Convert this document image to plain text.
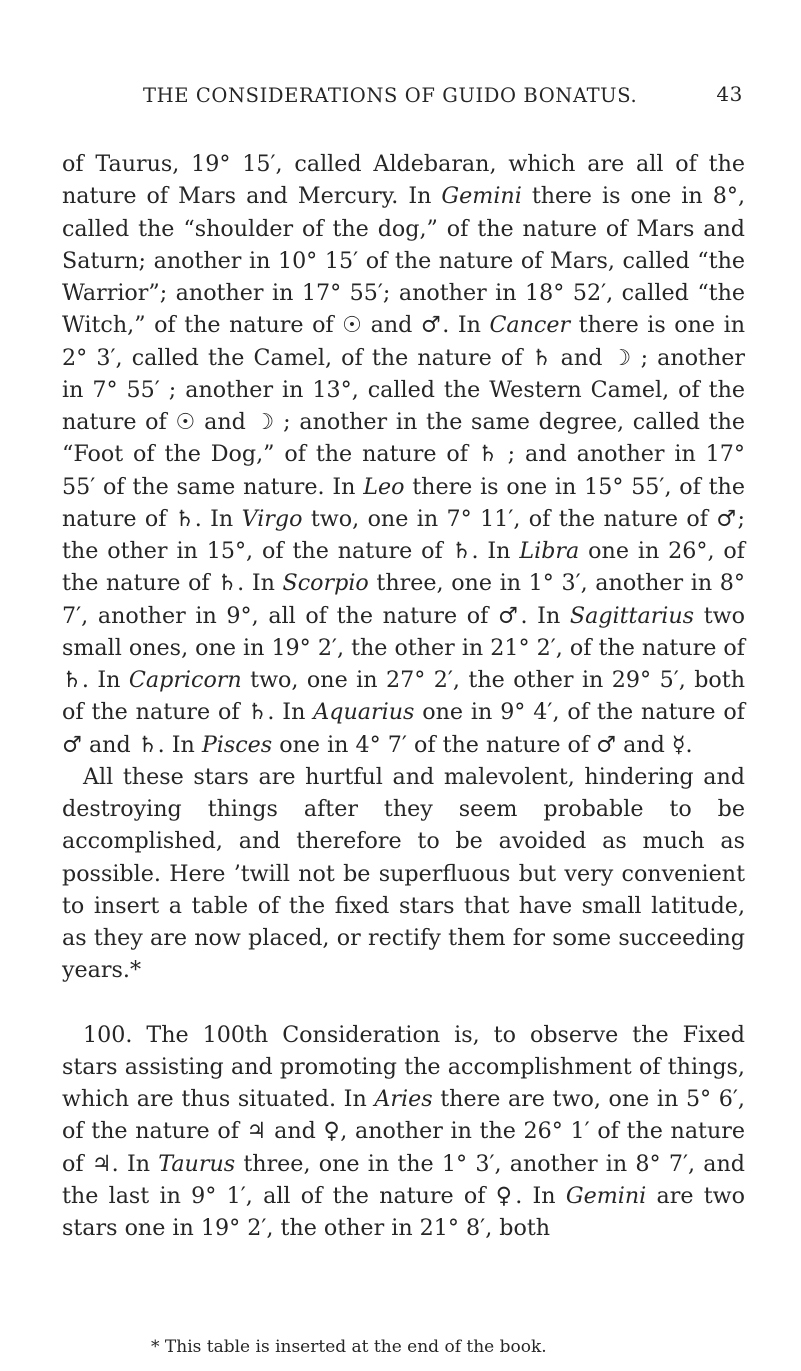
THE CONSIDERATIONS OF GUIDO BONATUS.	43

of Taurus, 19° 15′, called Aldebaran, which are all of the nature of Mars and Mercury. In Gemini there is one in 8°, called the “shoulder of the dog,” of the nature of Mars and Saturn; another in 10° 15′ of the nature of Mars, called “the Warrior”; another in 17° 55′; another in 18° 52′, called “the Witch,” of the nature of ☉ and ♂. In Cancer there is one in 2° 3′, called the Camel, of the nature of ♄ and ☽ ; another in 7° 55′ ; another in 13°, called the Western Camel, of the nature of ☉ and ☽ ; another in the same degree, called the “Foot of the Dog,” of the nature of ♄ ; and another in 17° 55′ of the same nature. In Leo there is one in 15° 55′, of the nature of ♄. In Virgo two, one in 7° 11′, of the nature of ♂; the other in 15°, of the nature of ♄. In Libra one in 26°, of the nature of ♄. In Scorpio three, one in 1° 3′, another in 8° 7′, another in 9°, all of the nature of ♂. In Sagittarius two small ones, one in 19° 2′, the other in 21° 2′, of the nature of ♄. In Capricorn two, one in 27° 2′, the other in 29° 5′, both of the nature of ♄. In Aquarius one in 9° 4′, of the nature of ♂ and ♄. In Pisces one in 4° 7′ of the nature of ♂ and ☿.

All these stars are hurtful and malevolent, hindering and destroying things after they seem probable to be accomplished, and therefore to be avoided as much as possible. Here ’twill not be superfluous but very convenient to insert a table of the fixed stars that have small latitude, as they are now placed, or rectify them for some succeeding years.*

100. The 100th Consideration is, to observe the Fixed stars assisting and promoting the accomplishment of things, which are thus situated. In Aries there are two, one in 5° 6′, of the nature of ♃ and ♀, another in the 26° 1′ of the nature of ♃. In Taurus three, one in the 1° 3′, another in 8° 7′, and the last in 9° 1′, all of the nature of ♀. In Gemini are two stars one in 19° 2′, the other in 21° 8′, both

* This table is inserted at the end of the book.
